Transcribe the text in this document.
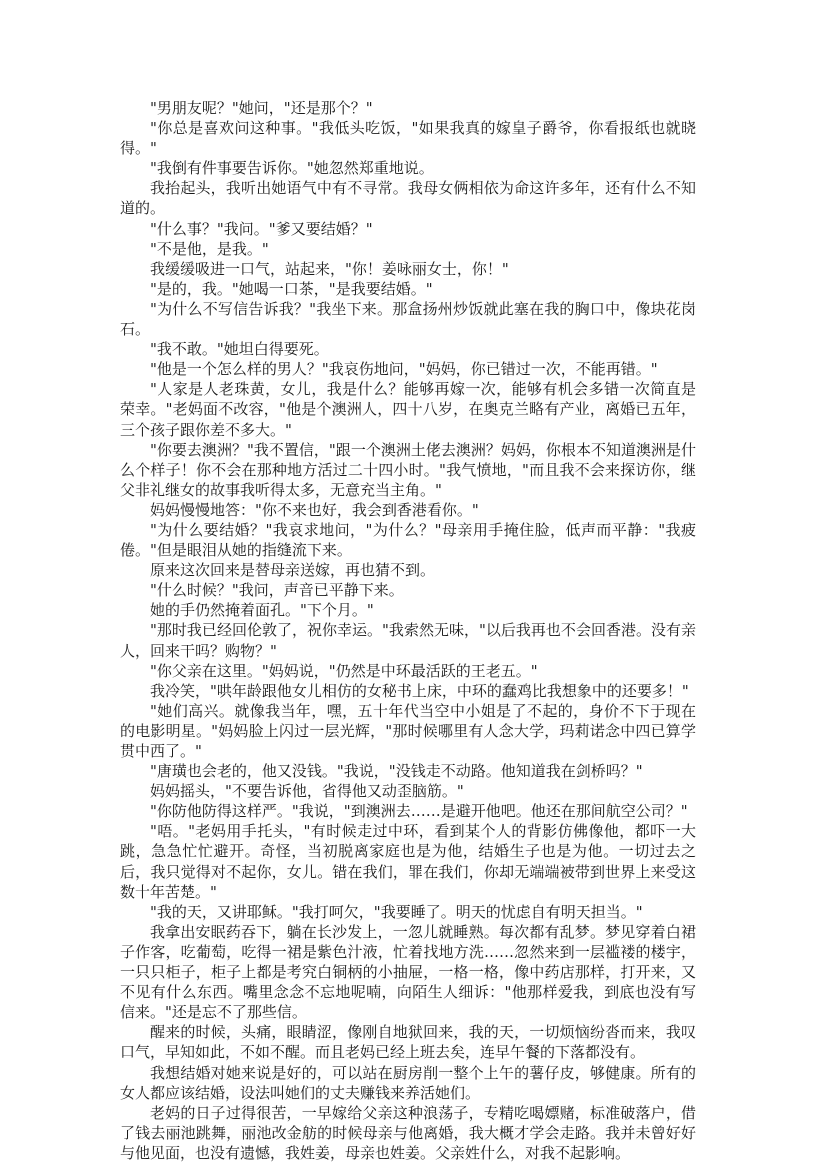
"男朋友呢？"她问，"还是那个？"

"你总是喜欢问这种事。"我低头吃饭，"如果我真的嫁皇子爵爷，你看报纸也就晓得。"

"我倒有件事要告诉你。"她忽然郑重地说。

我抬起头，我听出她语气中有不寻常。我母女俩相依为命这许多年，还有什么不知道的。

"什么事？"我问。"爹又要结婚？"

"不是他，是我。"

我缓缓吸进一口气，站起来，"你！姜咏丽女士，你！"

"是的，我。"她喝一口茶，"是我要结婚。"

"为什么不写信告诉我？"我坐下来。那盒扬州炒饭就此塞在我的胸口中，像块花岗石。

"我不敢。"她坦白得要死。

"他是一个怎么样的男人？"我哀伤地问，"妈妈，你已错过一次，不能再错。"

"人家是人老珠黄，女儿，我是什么？能够再嫁一次，能够有机会多错一次简直是荣幸。"老妈面不改容，"他是个澳洲人，四十八岁，在奥克兰略有产业，离婚已五年，三个孩子跟你差不多大。"

"你要去澳洲？"我不置信，"跟一个澳洲土佬去澳洲？妈妈，你根本不知道澳洲是什么个样子！你不会在那种地方活过二十四小时。"我气愤地，"而且我不会来探访你，继父非礼继女的故事我听得太多，无意充当主角。"

妈妈慢慢地答："你不来也好，我会到香港看你。"

"为什么要结婚？"我哀求地问，"为什么？"母亲用手掩住脸，低声而平静："我疲倦。"但是眼泪从她的指缝流下来。

原来这次回来是替母亲送嫁，再也猜不到。

"什么时候？"我问，声音已平静下来。

她的手仍然掩着面孔。"下个月。"

"那时我已经回伦敦了，祝你幸运。"我索然无味，"以后我再也不会回香港。没有亲人，回来干吗？购物？"

"你父亲在这里。"妈妈说，"仍然是中环最活跃的王老五。"

我冷笑，"哄年龄跟他女儿相仿的女秘书上床，中环的蠢鸡比我想象中的还要多！"

"她们高兴。就像我当年，嘿，五十年代当空中小姐是了不起的，身价不下于现在的电影明星。"妈妈脸上闪过一层光辉，"那时候哪里有人念大学，玛莉诺念中四已算学贯中西了。"

"唐璜也会老的，他又没钱。"我说，"没钱走不动路。他知道我在剑桥吗？"

妈妈摇头，"不要告诉他，省得他又动歪脑筋。"

"你防他防得这样严。"我说，"到澳洲去……是避开他吧。他还在那间航空公司？"

"唔。"老妈用手托头，"有时候走过中环，看到某个人的背影仿佛像他，都吓一大跳，急急忙忙避开。奇怪，当初脱离家庭也是为他，结婚生子也是为他。一切过去之后，我只觉得对不起你，女儿。错在我们，罪在我们，你却无端端被带到世界上来受这数十年苦楚。"

"我的天，又讲耶稣。"我打呵欠，"我要睡了。明天的忧虑自有明天担当。"

我拿出安眠药吞下，躺在长沙发上，一忽儿就睡熟。每次都有乱梦。梦见穿着白裙子作客，吃葡萄，吃得一裙是紫色汁液，忙着找地方洗……忽然来到一层褴褛的楼宇，一只只柜子，柜子上都是考究白铜柄的小抽屉，一格一格，像中药店那样，打开来，又不见有什么东西。嘴里念念不忘地呢喃，向陌生人细诉："他那样爱我，到底也没有写信来。"还是忘不了那些信。

醒来的时候，头痛，眼睛涩，像刚自地狱回来，我的天，一切烦恼纷沓而来，我叹口气，早知如此，不如不醒。而且老妈已经上班去矣，连早午餐的下落都没有。

我想结婚对她来说是好的，可以站在厨房削一整个上午的薯仔皮，够健康。所有的女人都应该结婚，设法叫她们的丈夫赚钱来养活她们。

老妈的日子过得很苦，一早嫁给父亲这种浪荡子，专精吃喝嫖赌，标准破落户，借了钱去丽池跳舞，丽池改金舫的时候母亲与他离婚，我大概才学会走路。我并未曾好好与他见面，也没有遗憾，我姓姜，母亲也姓姜。父亲姓什么，对我不起影响。
